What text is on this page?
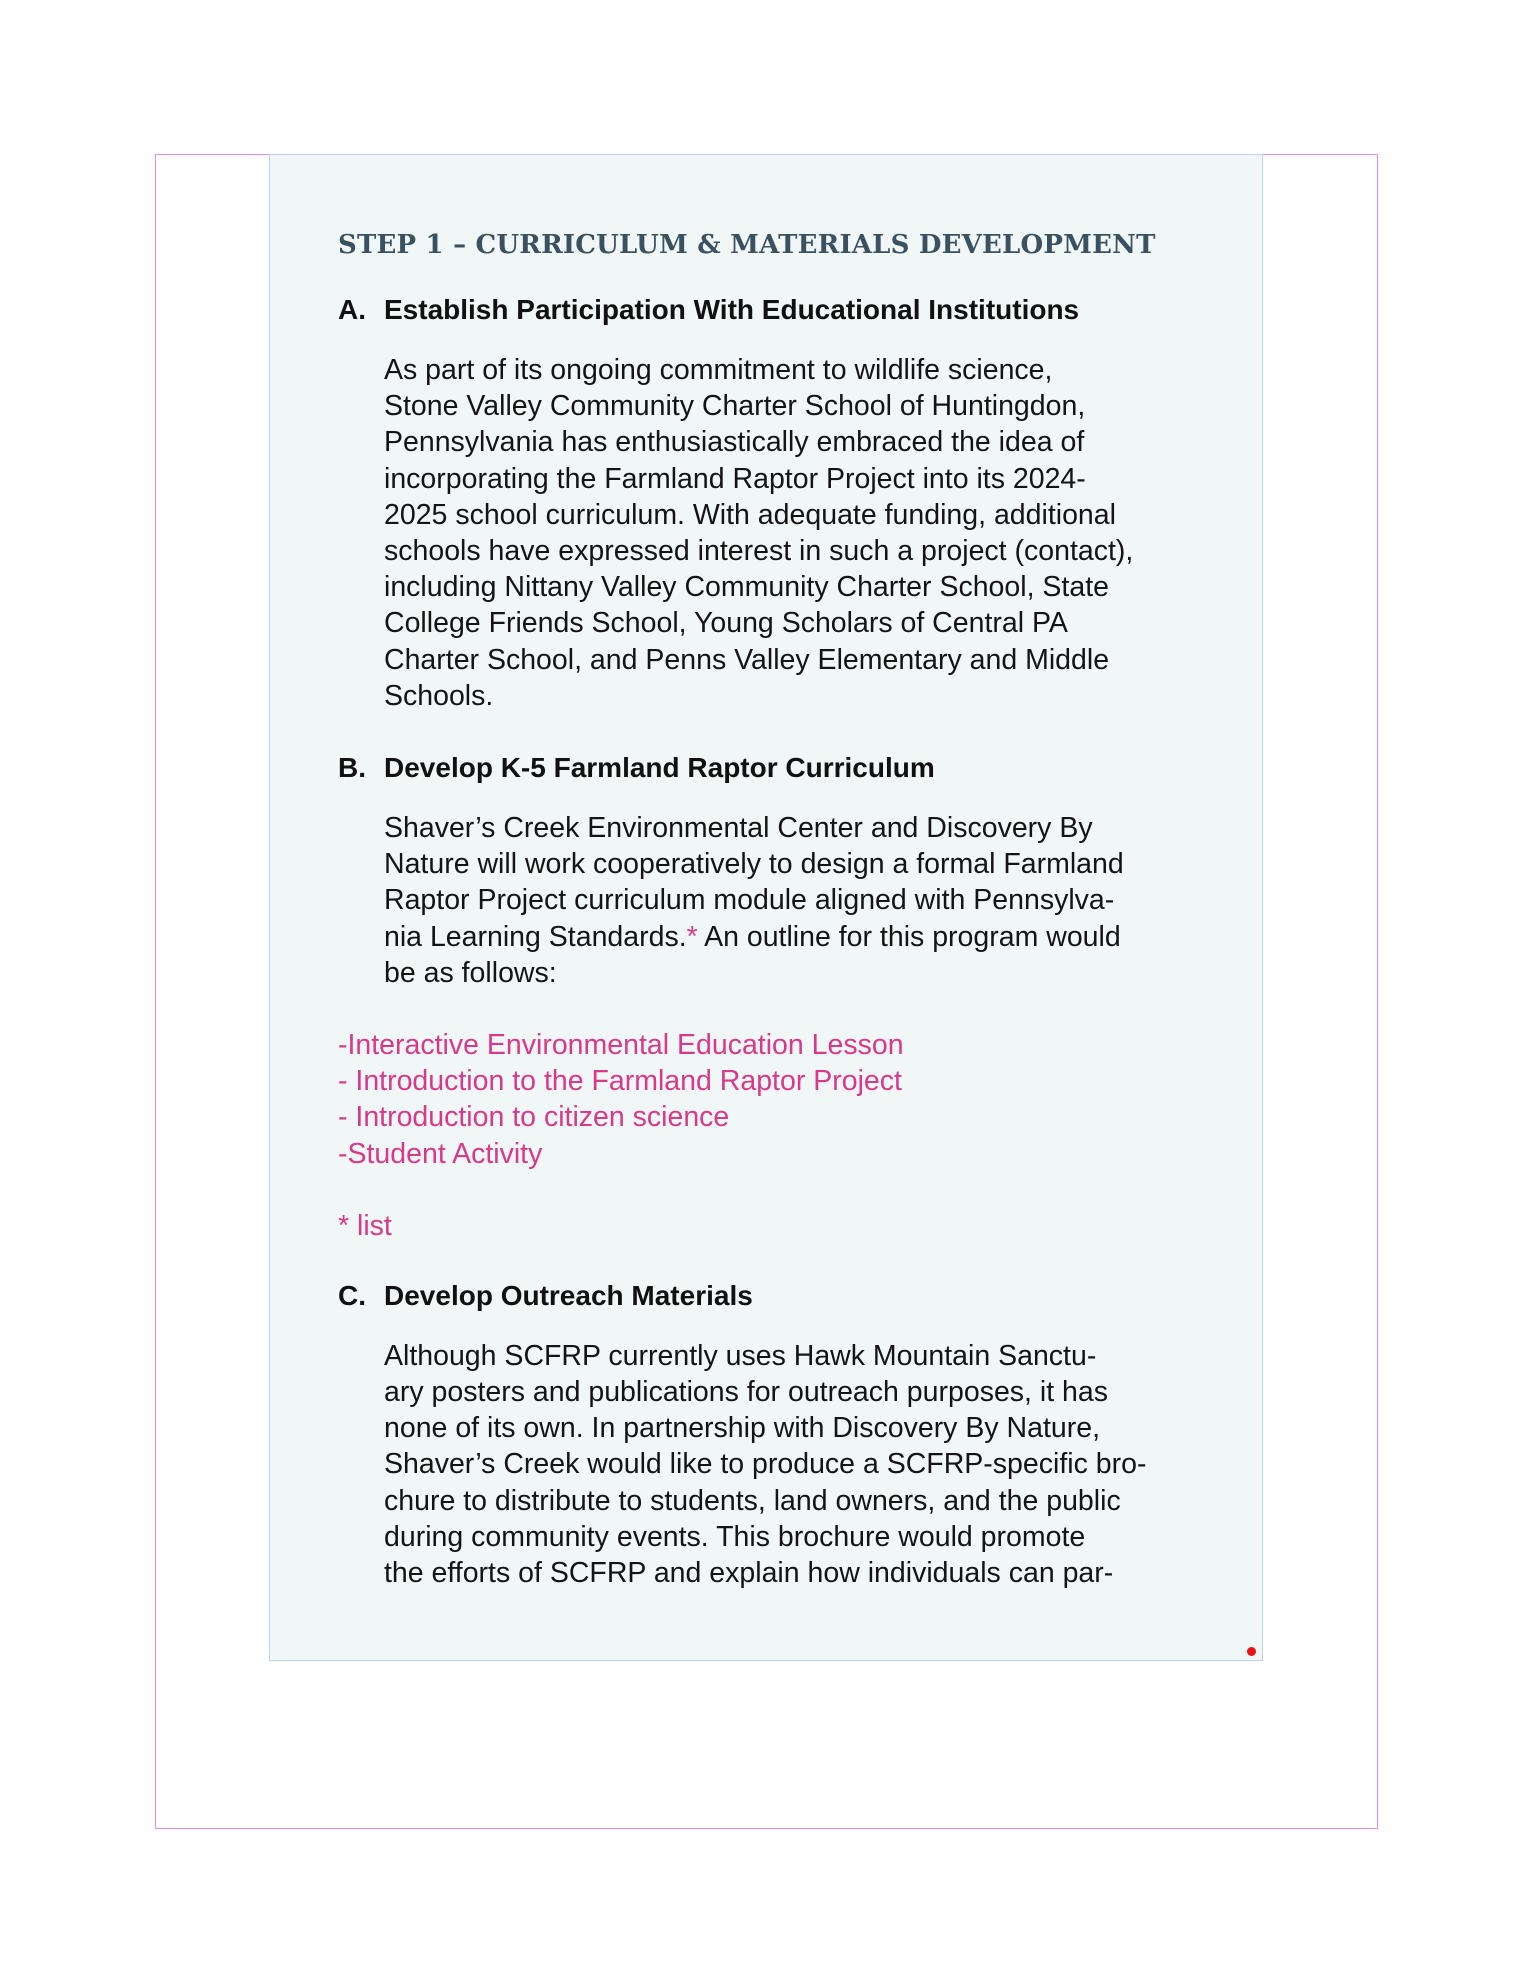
STEP 1 – CURRICULUM & MATERIALS DEVELOPMENT
A. Establish Participation With Educational Institutions
As part of its ongoing commitment to wildlife science,
Stone Valley Community Charter School of Huntingdon,
Pennsylvania has enthusiastically embraced the idea of
incorporating the Farmland Raptor Project into its 2024-
2025 school curriculum. With adequate funding, additional
schools have expressed interest in such a project (contact),
including Nittany Valley Community Charter School, State
College Friends School, Young Scholars of Central PA
Charter School, and Penns Valley Elementary and Middle
Schools.
B. Develop K-5 Farmland Raptor Curriculum
Shaver’s Creek Environmental Center and Discovery By
Nature will work cooperatively to design a formal Farmland
Raptor Project curriculum module aligned with Pennsylva-
nia Learning Standards.* An outline for this program would
be as follows:
-Interactive Environmental Education Lesson
- Introduction to the Farmland Raptor Project
- Introduction to citizen science
-Student Activity
* list
C. Develop Outreach Materials
Although SCFRP currently uses Hawk Mountain Sanctu-
ary posters and publications for outreach purposes, it has
none of its own. In partnership with Discovery By Nature,
Shaver’s Creek would like to produce a SCFRP-specific bro-
chure to distribute to students, land owners, and the public
during community events. This brochure would promote
the efforts of SCFRP and explain how individuals can par-
